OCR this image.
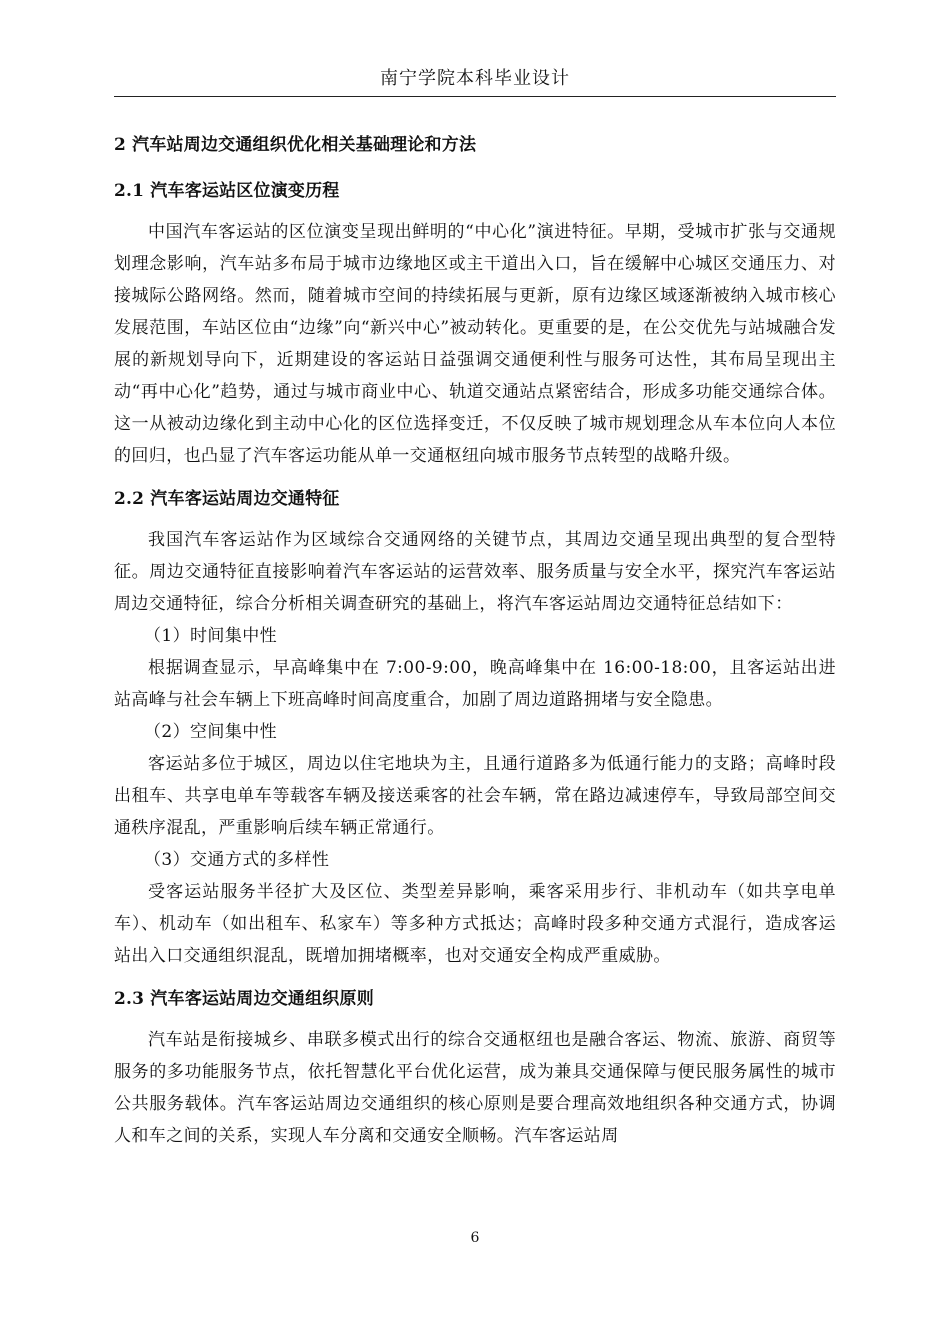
南宁学院本科毕业设计
2 汽车站周边交通组织优化相关基础理论和方法
2.1 汽车客运站区位演变历程

中国汽车客运站的区位演变呈现出鲜明的“中心化”演进特征。早期，受城市扩张与交通规划理念影响，汽车站多布局于城市边缘地区或主干道出入口，旨在缓解中心城区交通压力、对接城际公路网络。然而，随着城市空间的持续拓展与更新，原有边缘区域逐渐被纳入城市核心发展范围，车站区位由“边缘”向“新兴中心”被动转化。更重要的是，在公交优先与站城融合发展的新规划导向下，近期建设的客运站日益强调交通便利性与服务可达性，其布局呈现出主动“再中心化”趋势，通过与城市商业中心、轨道交通站点紧密结合，形成多功能交通综合体。这一从被动边缘化到主动中心化的区位选择变迁，不仅反映了城市规划理念从车本位向人本位的回归，也凸显了汽车客运功能从单一交通枢纽向城市服务节点转型的战略升级。

2.2 汽车客运站周边交通特征

我国汽车客运站作为区域综合交通网络的关键节点，其周边交通呈现出典型的复合型特征。周边交通特征直接影响着汽车客运站的运营效率、服务质量与安全水平，探究汽车客运站周边交通特征，综合分析相关调查研究的基础上，将汽车客运站周边交通特征总结如下：

（1）时间集中性

根据调查显示，早高峰集中在 7:00-9:00，晚高峰集中在 16:00-18:00，且客运站出进站高峰与社会车辆上下班高峰时间高度重合，加剧了周边道路拥堵与安全隐患。

（2）空间集中性

客运站多位于城区，周边以住宅地块为主，且通行道路多为低通行能力的支路；高峰时段出租车、共享电单车等载客车辆及接送乘客的社会车辆，常在路边减速停车，导致局部空间交通秩序混乱，严重影响后续车辆正常通行。

（3）交通方式的多样性

受客运站服务半径扩大及区位、类型差异影响，乘客采用步行、非机动车（如共享电单车）、机动车（如出租车、私家车）等多种方式抵达；高峰时段多种交通方式混行，造成客运站出入口交通组织混乱，既增加拥堵概率，也对交通安全构成严重威胁。

2.3 汽车客运站周边交通组织原则

汽车站是衔接城乡、串联多模式出行的综合交通枢纽也是融合客运、物流、旅游、商贸等服务的多功能服务节点，依托智慧化平台优化运营，成为兼具交通保障与便民服务属性的城市公共服务载体。汽车客运站周边交通组织的核心原则是要合理高效地组织各种交通方式，协调人和车之间的关系，实现人车分离和交通安全顺畅。汽车客运站周

6
